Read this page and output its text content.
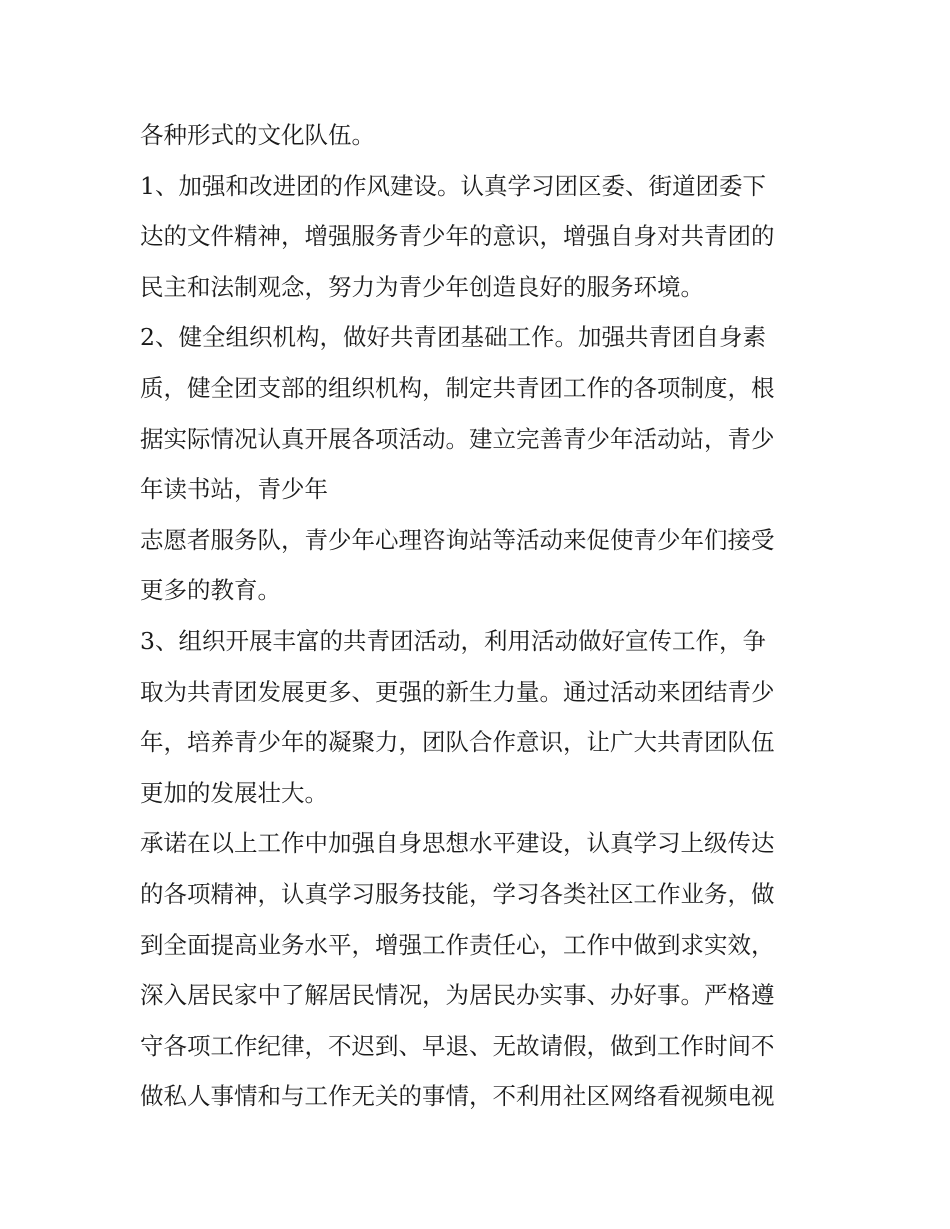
各种形式的文化队伍。
1、加强和改进团的作风建设。认真学习团区委、街道团委下
达的文件精神，增强服务青少年的意识，增强自身对共青团的
民主和法制观念，努力为青少年创造良好的服务环境。
2、健全组织机构，做好共青团基础工作。加强共青团自身素
质，健全团支部的组织机构，制定共青团工作的各项制度，根
据实际情况认真开展各项活动。建立完善青少年活动站，青少
年读书站，青少年
志愿者服务队，青少年心理咨询站等活动来促使青少年们接受
更多的教育。
3、组织开展丰富的共青团活动，利用活动做好宣传工作，争
取为共青团发展更多、更强的新生力量。通过活动来团结青少
年，培养青少年的凝聚力，团队合作意识，让广大共青团队伍
更加的发展壮大。
承诺在以上工作中加强自身思想水平建设，认真学习上级传达
的各项精神，认真学习服务技能，学习各类社区工作业务，做
到全面提高业务水平，增强工作责任心，工作中做到求实效，
深入居民家中了解居民情况，为居民办实事、办好事。严格遵
守各项工作纪律，不迟到、早退、无故请假，做到工作时间不
做私人事情和与工作无关的事情，不利用社区网络看视频电视
